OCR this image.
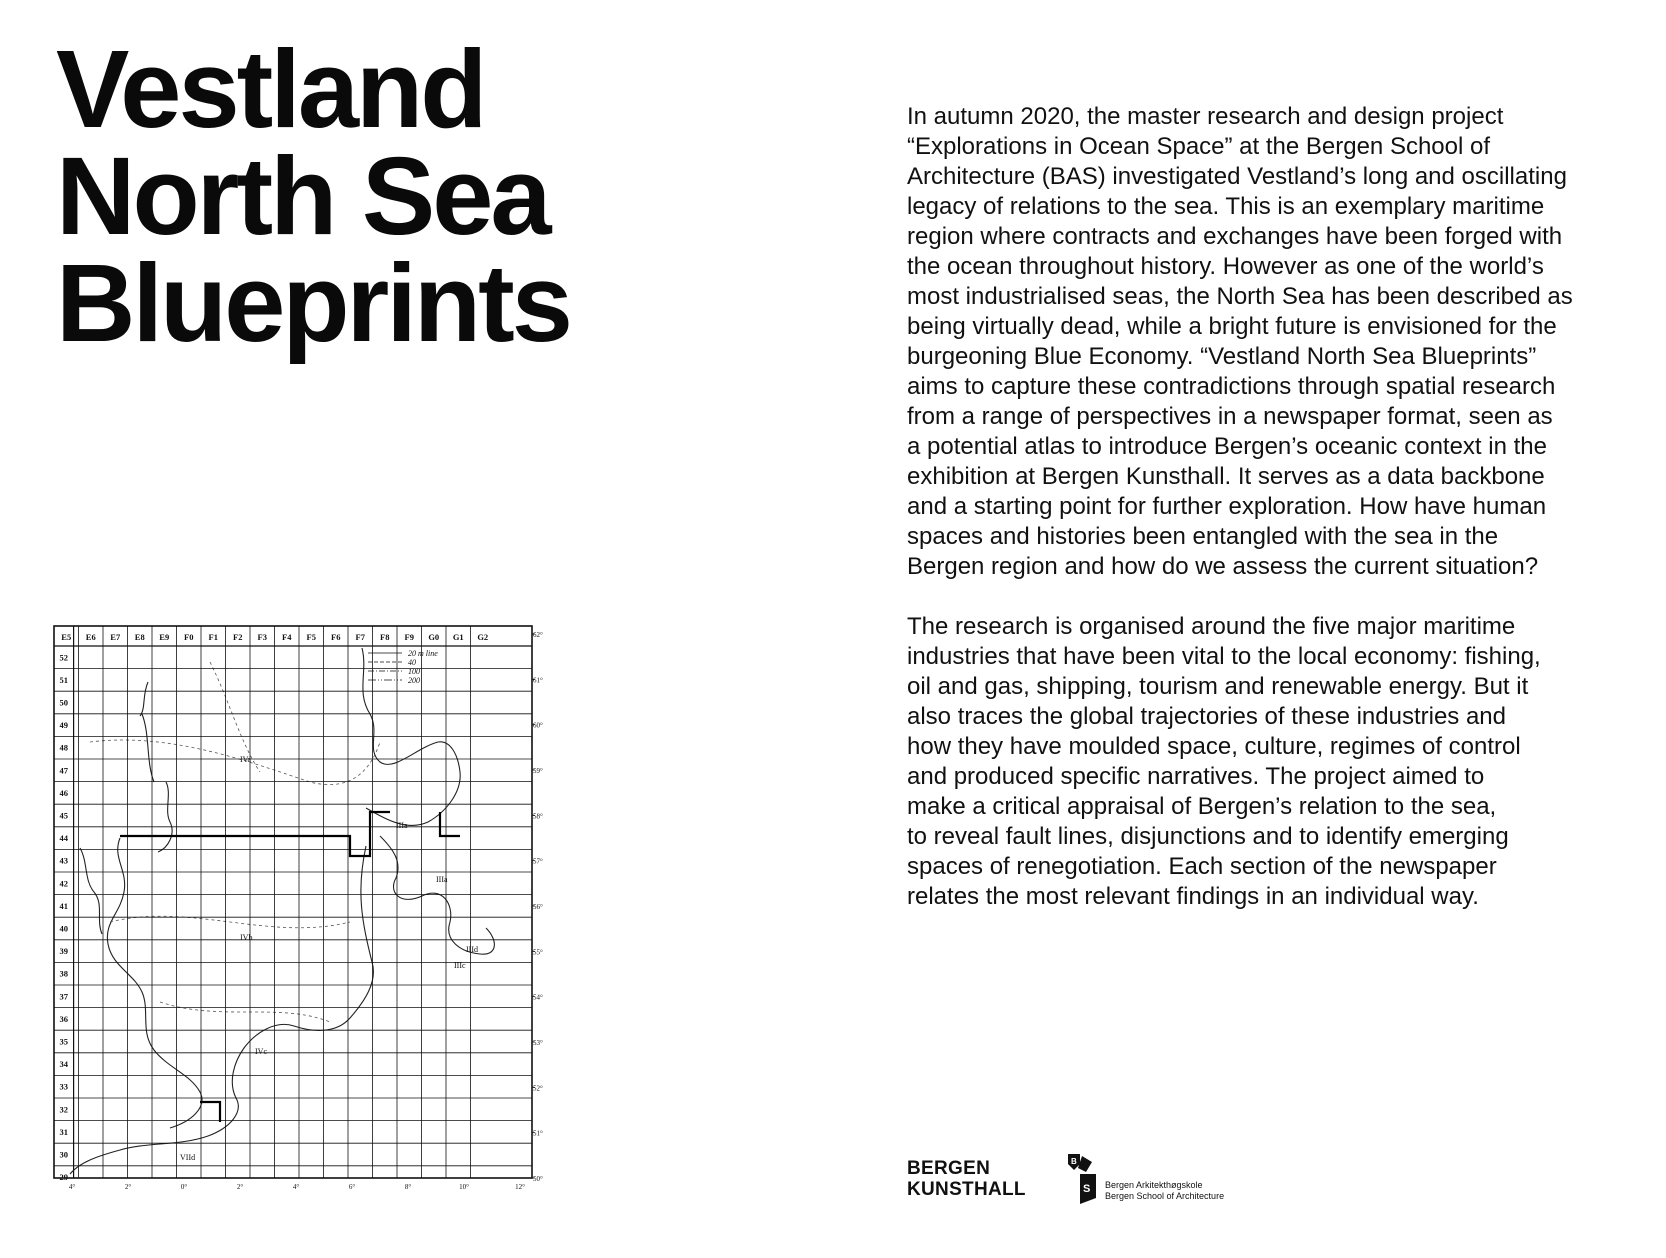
Vestland
North Sea
Blueprints

In autumn 2020, the master research and design project
“Explorations in Ocean Space” at the Bergen School of
Architecture (BAS) investigated Vestland’s long and oscillating
legacy of relations to the sea. This is an exemplary maritime
region where contracts and exchanges have been forged with
the ocean throughout history. However as one of the world’s
most industrialised seas, the North Sea has been described as
being virtually dead, while a bright future is envisioned for the
burgeoning Blue Economy. “Vestland North Sea Blueprints”
aims to capture these contradictions through spatial research
from a range of perspectives in a newspaper format, seen as
a potential atlas to introduce Bergen’s oceanic context in the
exhibition at Bergen Kunsthall. It serves as a data backbone
and a starting point for further exploration. How have human
spaces and histories been entangled with the sea in the
Bergen region and how do we assess the current situation?

The research is organised around the five major maritime
industries that have been vital to the local economy: fishing,
oil and gas, shipping, tourism and renewable energy. But it
also traces the global trajectories of these industries and
how they have moulded space, culture, regimes of control
and produced specific narratives. The project aimed to
make a critical appraisal of Bergen’s relation to the sea,
to reveal fault lines, disjunctions and to identify emerging
spaces of renegotiation. Each section of the newspaper
relates the most relevant findings in an individual way.

20 m line
40
100
200
E5 E6 E7 E8 E9 F0 F1 F2 F3 F4 F5 F6 F7 F8 F9 G0 G1 G2
52
51
50
49
48
47
46
45
44
43
42
41
40
39
38
37
36
35
34
33
32
31
30
29
62°
61°
60°
59°
58°
57°
56°
55°
54°
53°
52°
51°
50°
4°	2°	0°	2°	4°	6°	8°	10°	12°
IVa
IVb
IVc
VIId
IIIa
IIIa
IIIc
IIId
BERGEN
KUNSTHALL
B
S Bergen Arkitekthøgskole
Bergen School of Architecture
